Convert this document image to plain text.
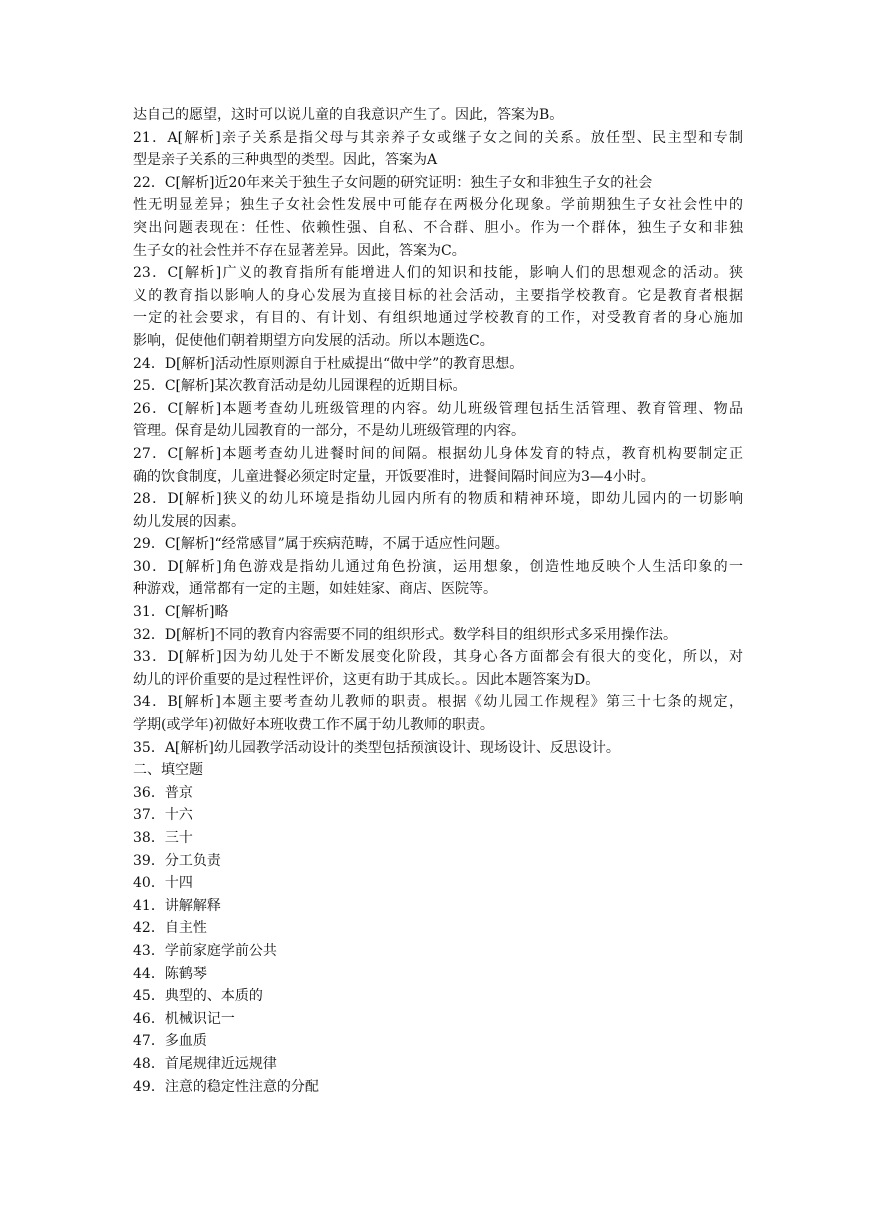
达自己的愿望，这时可以说儿童的自我意识产生了。因此，答案为B。
21．A[解析]亲子关系是指父母与其亲养子女或继子女之间的关系。放任型、民主型和专制
型是亲子关系的三种典型的类型。因此，答案为A
22．C[解析]近20年来关于独生子女问题的研究证明：独生子女和非独生子女的社会
性无明显差异；独生子女社会性发展中可能存在两极分化现象。学前期独生子女社会性中的
突出问题表现在：任性、依赖性强、自私、不合群、胆小。作为一个群体，独生子女和非独
生子女的社会性并不存在显著差异。因此，答案为C。
23．C[解析]广义的教育指所有能增进人们的知识和技能，影响人们的思想观念的活动。狭
义的教育指以影响人的身心发展为直接目标的社会活动，主要指学校教育。它是教育者根据
一定的社会要求，有目的、有计划、有组织地通过学校教育的工作，对受教育者的身心施加
影响，促使他们朝着期望方向发展的活动。所以本题选C。
24．D[解析]活动性原则源自于杜威提出“做中学”的教育思想。
25．C[解析]某次教育活动是幼儿园课程的近期目标。
26．C[解析]本题考查幼儿班级管理的内容。幼儿班级管理包括生活管理、教育管理、物品
管理。保育是幼儿园教育的一部分，不是幼儿班级管理的内容。
27．C[解析]本题考查幼儿进餐时间的间隔。根据幼儿身体发育的特点，教育机构要制定正
确的饮食制度，儿童进餐必须定时定量，开饭要准时，进餐间隔时间应为3—4小时。
28．D[解析]狭义的幼儿环境是指幼儿园内所有的物质和精神环境，即幼儿园内的一切影响
幼儿发展的因素。
29．C[解析]“经常感冒”属于疾病范畴，不属于适应性问题。
30．D[解析]角色游戏是指幼儿通过角色扮演，运用想象，创造性地反映个人生活印象的一
种游戏，通常都有一定的主题，如娃娃家、商店、医院等。
31．C[解析]略
32．D[解析]不同的教育内容需要不同的组织形式。数学科目的组织形式多采用操作法。
33．D[解析]因为幼儿处于不断发展变化阶段，其身心各方面都会有很大的变化，所以，对
幼儿的评价重要的是过程性评价，这更有助于其成长。。因此本题答案为D。
34．B[解析]本题主要考查幼儿教师的职责。根据《幼儿园工作规程》第三十七条的规定，
学期(或学年)初做好本班收费工作不属于幼儿教师的职责。
35．A[解析]幼儿园教学活动设计的类型包括预演设计、现场设计、反思设计。
二、填空题
36．普京
37．十六
38．三十
39．分工负责
40．十四
41．讲解解释
42．自主性
43．学前家庭学前公共
44．陈鹤琴
45．典型的、本质的
46．机械识记一
47．多血质
48．首尾规律近远规律
49．注意的稳定性注意的分配
